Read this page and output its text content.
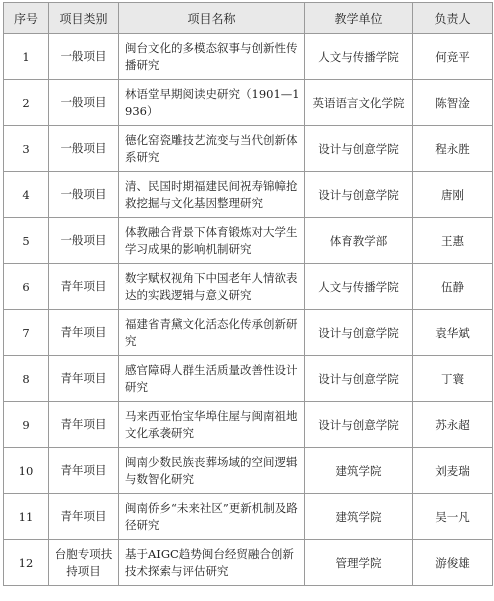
序号	项目类别	项目名称	教学单位	负责人
1	一般项目	闽台文化的多模态叙事与创新性传播研究	人文与传播学院	何竞平
2	一般项目	林语堂早期阅读史研究（1901—1936）	英语语言文化学院	陈智淦
3	一般项目	德化窑瓷雕技艺流变与当代创新体系研究	设计与创意学院	程永胜
4	一般项目	清、民国时期福建民间祝寿锦幛抢救挖掘与文化基因整理研究	设计与创意学院	唐刚
5	一般项目	体教融合背景下体育锻炼对大学生学习成果的影响机制研究	体育教学部	王惠
6	青年项目	数字赋权视角下中国老年人情欲表达的实践逻辑与意义研究	人文与传播学院	伍静
7	青年项目	福建省青黛文化活态化传承创新研究	设计与创意学院	袁华斌
8	青年项目	感官障碍人群生活质量改善性设计研究	设计与创意学院	丁寰
9	青年项目	马来西亚怡宝华埠住屋与闽南祖地文化承袭研究	设计与创意学院	苏永超
10	青年项目	闽南少数民族丧葬场域的空间逻辑与数智化研究	建筑学院	刘麦瑞
11	青年项目	闽南侨乡“未来社区”更新机制及路径研究	建筑学院	吴一凡
12	台胞专项扶持项目	基于AIGC趋势闽台经贸融合创新技术探索与评估研究	管理学院	游俊雄
